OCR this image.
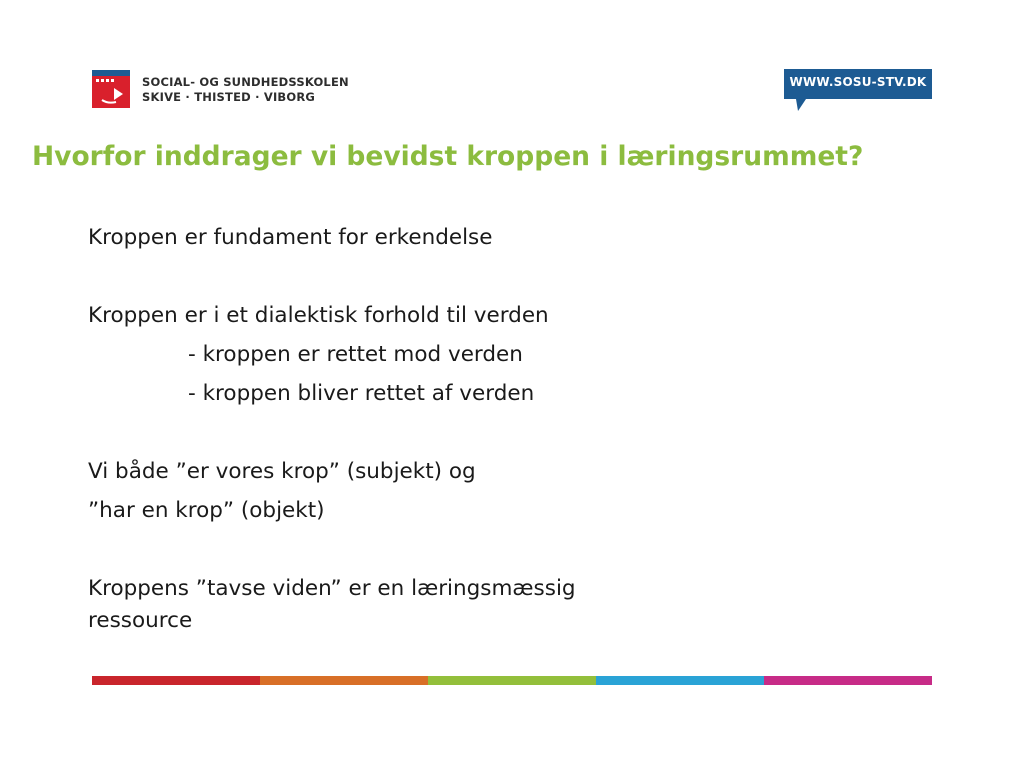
SOCIAL- OG SUNDHEDSSKOLEN
SKIVE · THISTED · VIBORG
WWW.SOSU-STV.DK
Hvorfor inddrager vi bevidst kroppen i læringsrummet?
Kroppen er fundament for erkendelse
Kroppen er i et dialektisk forhold til verden
- kroppen er rettet mod verden
- kroppen bliver rettet af verden
Vi både ”er vores krop” (subjekt) og
”har en krop” (objekt)
Kroppens ”tavse viden” er en læringsmæssig
ressource
